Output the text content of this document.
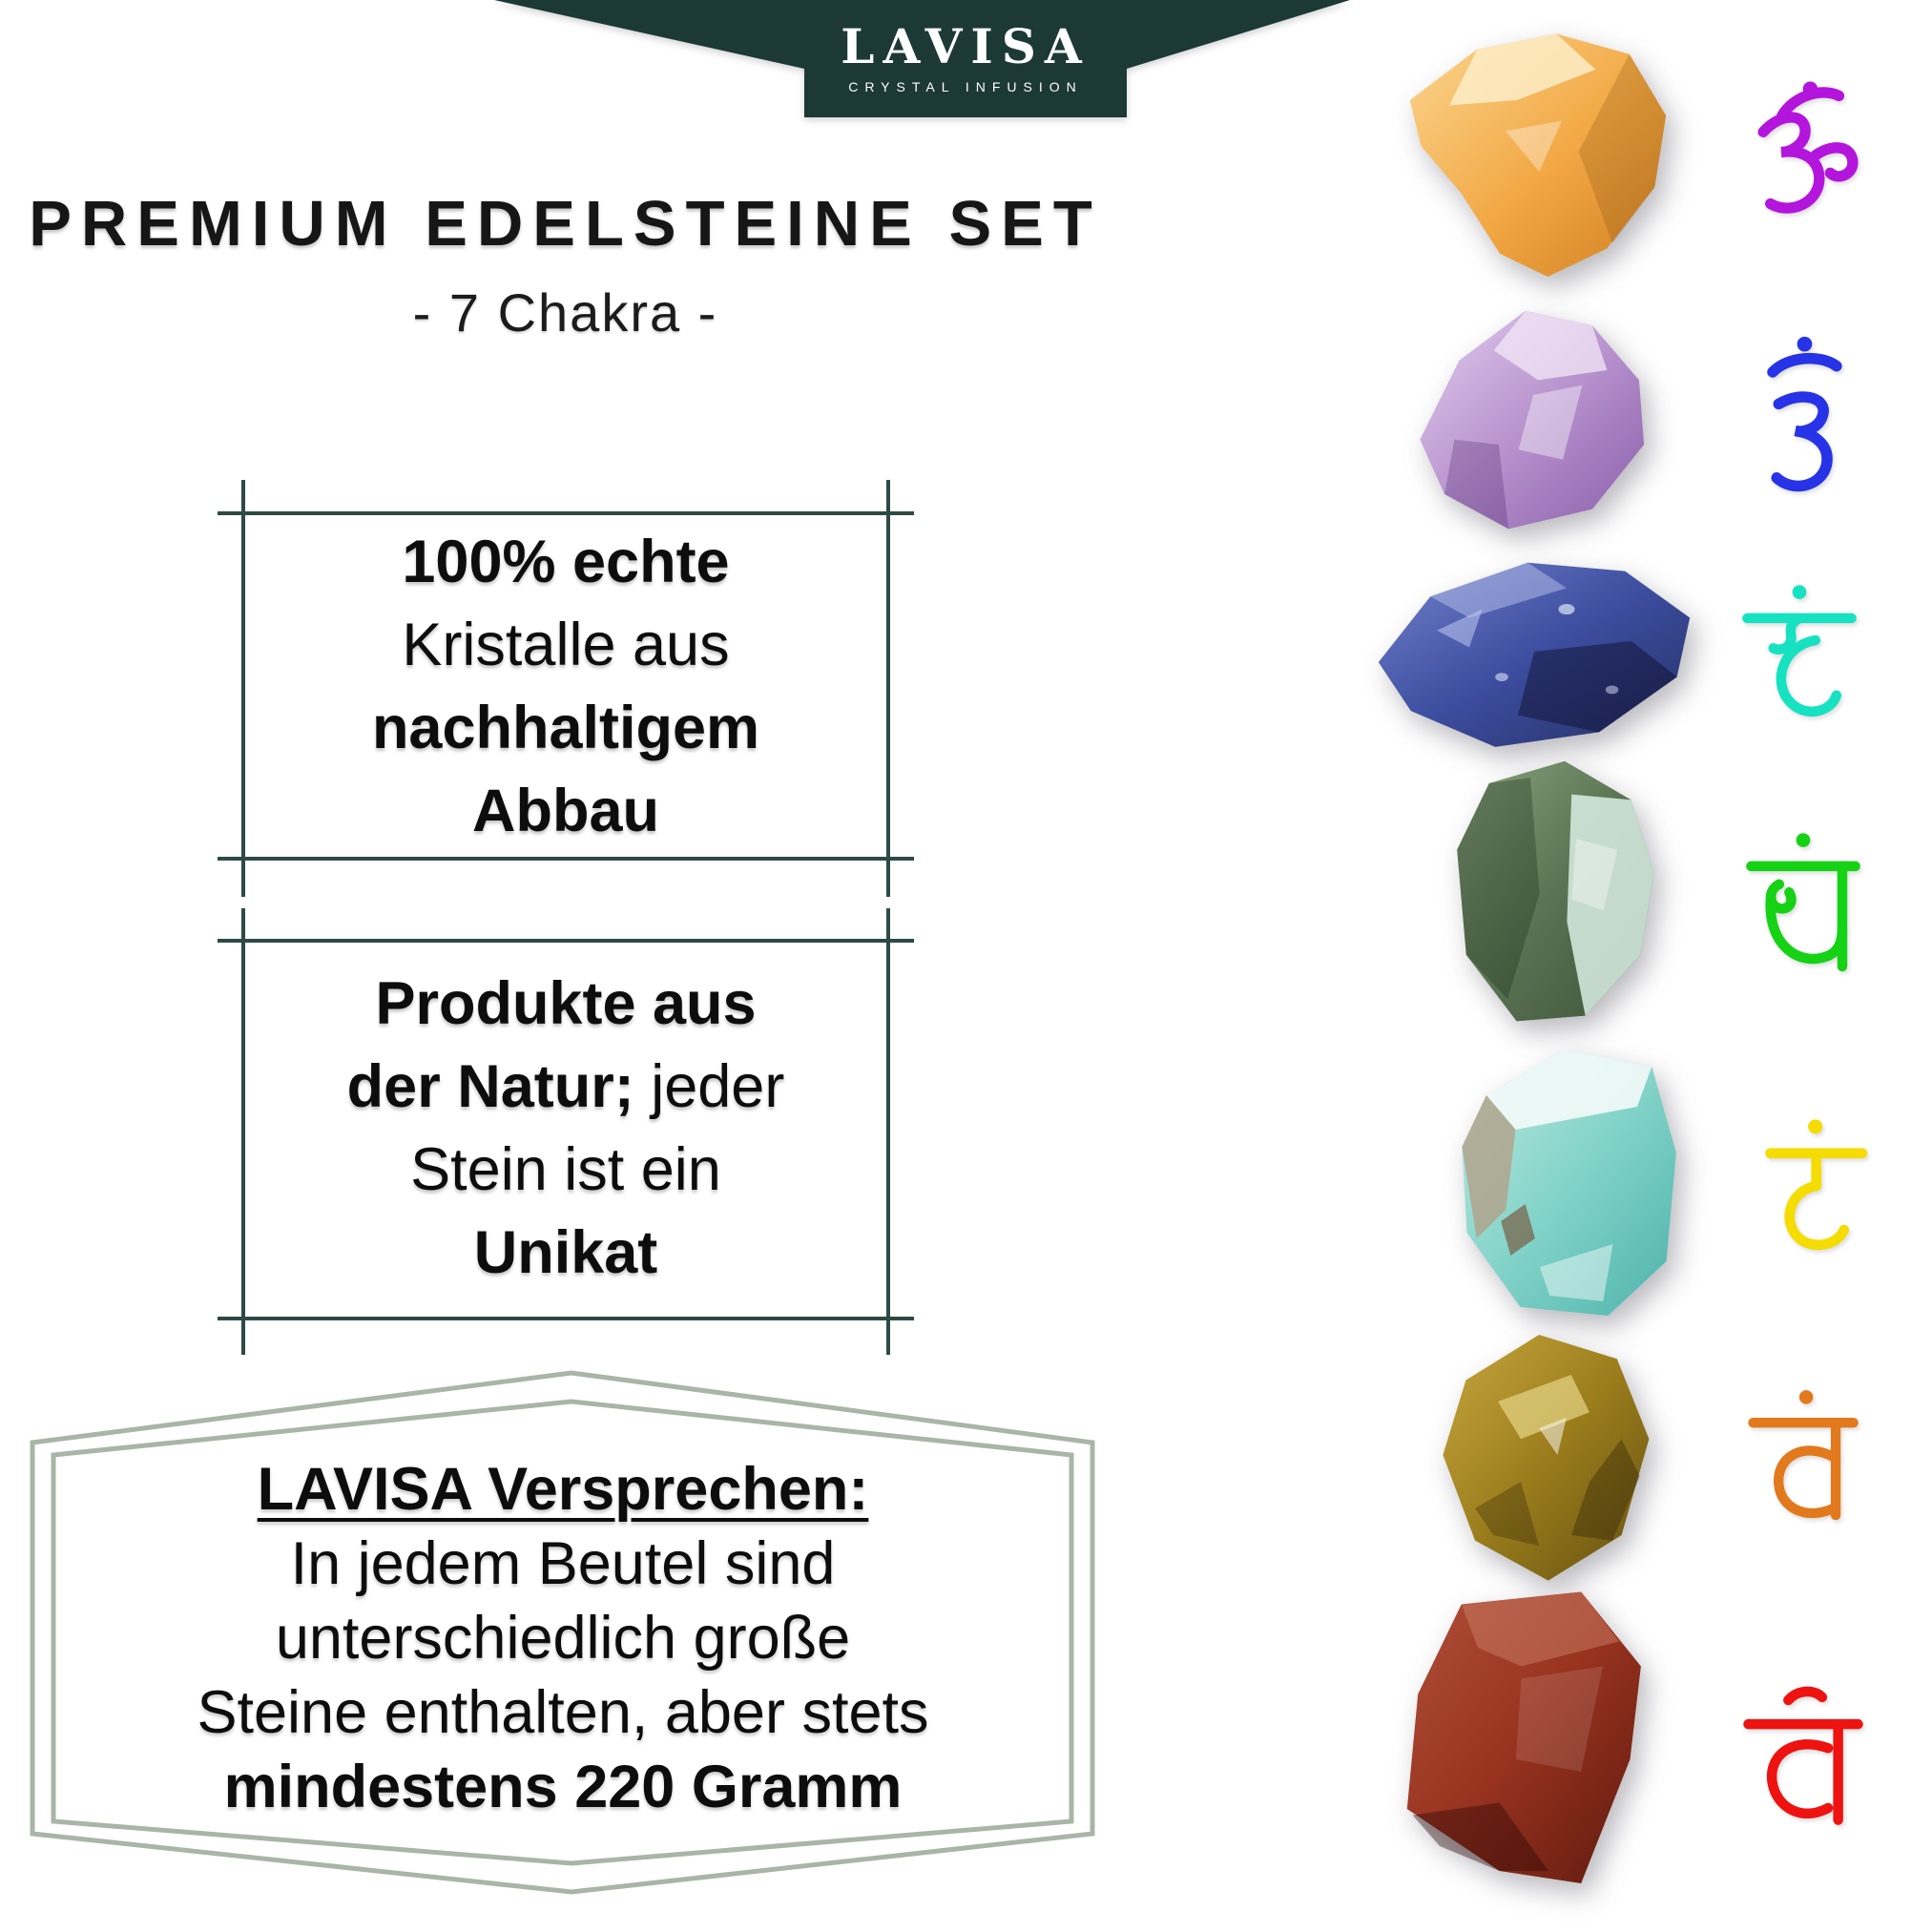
LAVISA
CRYSTAL INFUSION
PREMIUM EDELSTEINE SET
- 7 Chakra -
100% echte
Kristalle aus
nachhaltigem
Abbau
Produkte aus
der Natur; jeder
Stein ist ein
Unikat
LAVISA Versprechen:
In jedem Beutel sind
unterschiedlich große
Steine enthalten, aber stets
mindestens 220 Gramm
